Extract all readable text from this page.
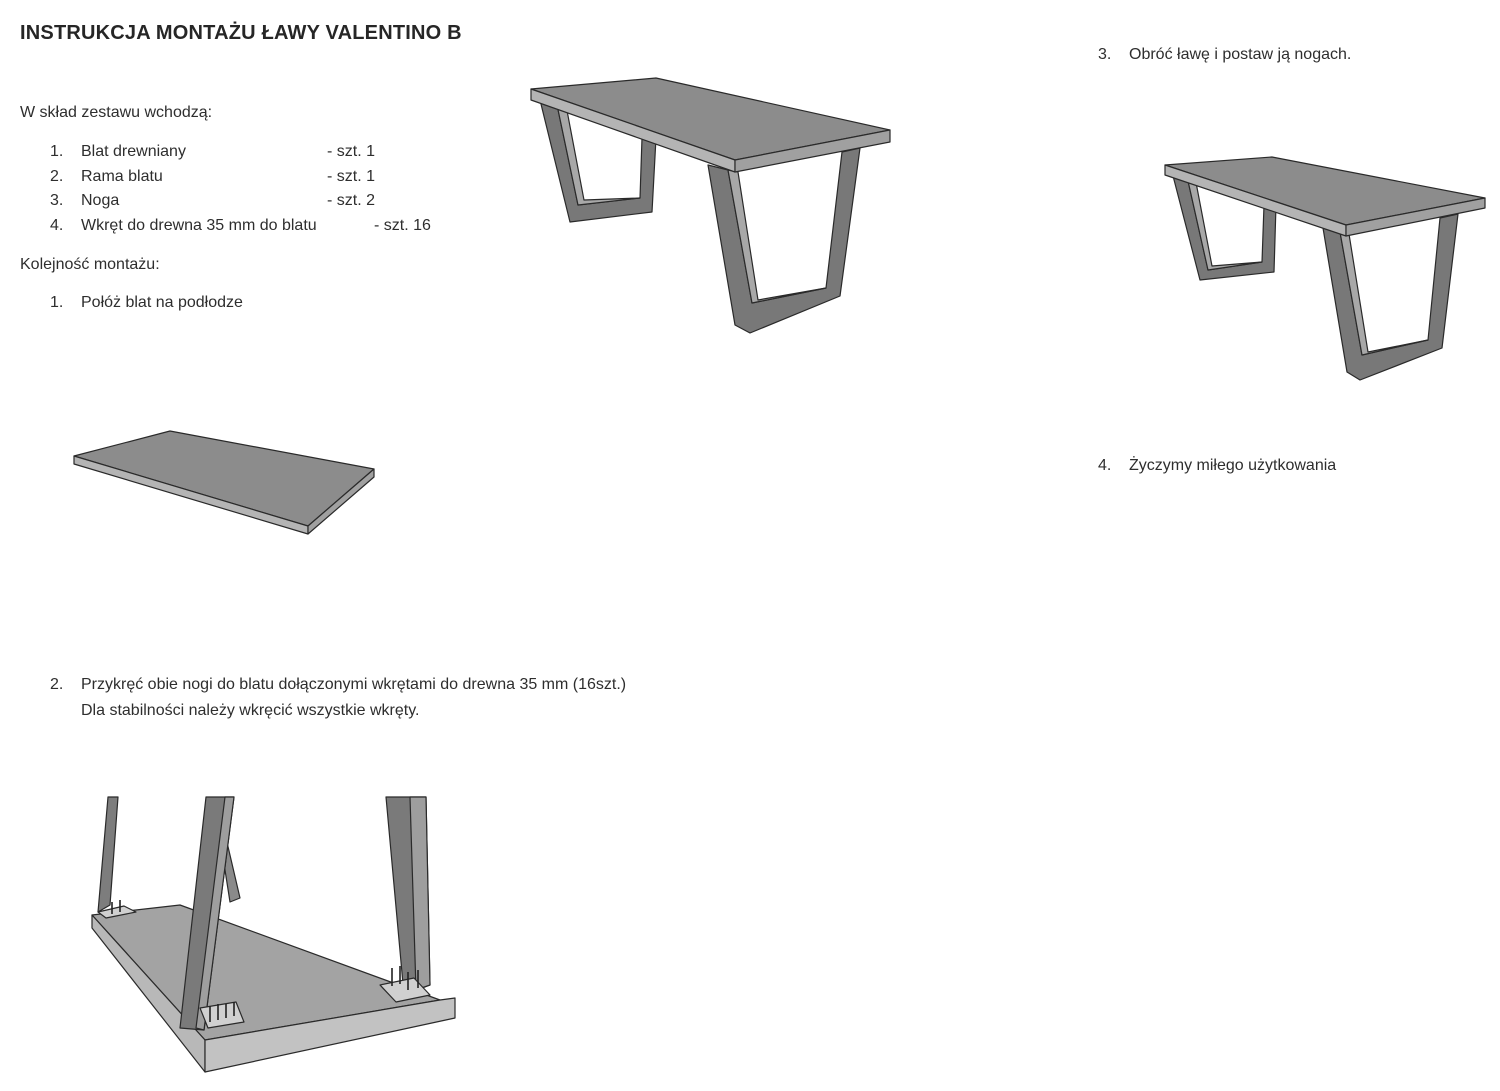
INSTRUKCJA MONTAŻU ŁAWY VALENTINO B
W skład zestawu wchodzą:
1. Blat drewniany	- szt. 1
2. Rama blatu	- szt. 1
3. Noga	- szt. 2
4. Wkręt do drewna 35 mm do blatu	- szt. 16
Kolejność montażu:
1. Połóż blat na podłodze
2. Przykręć obie nogi do blatu dołączonymi wkrętami do drewna 35 mm (16szt.)
Dla stabilności należy wkręcić wszystkie wkręty.
3. Obróć ławę i postaw ją nogach.
4. Życzymy miłego użytkowania
